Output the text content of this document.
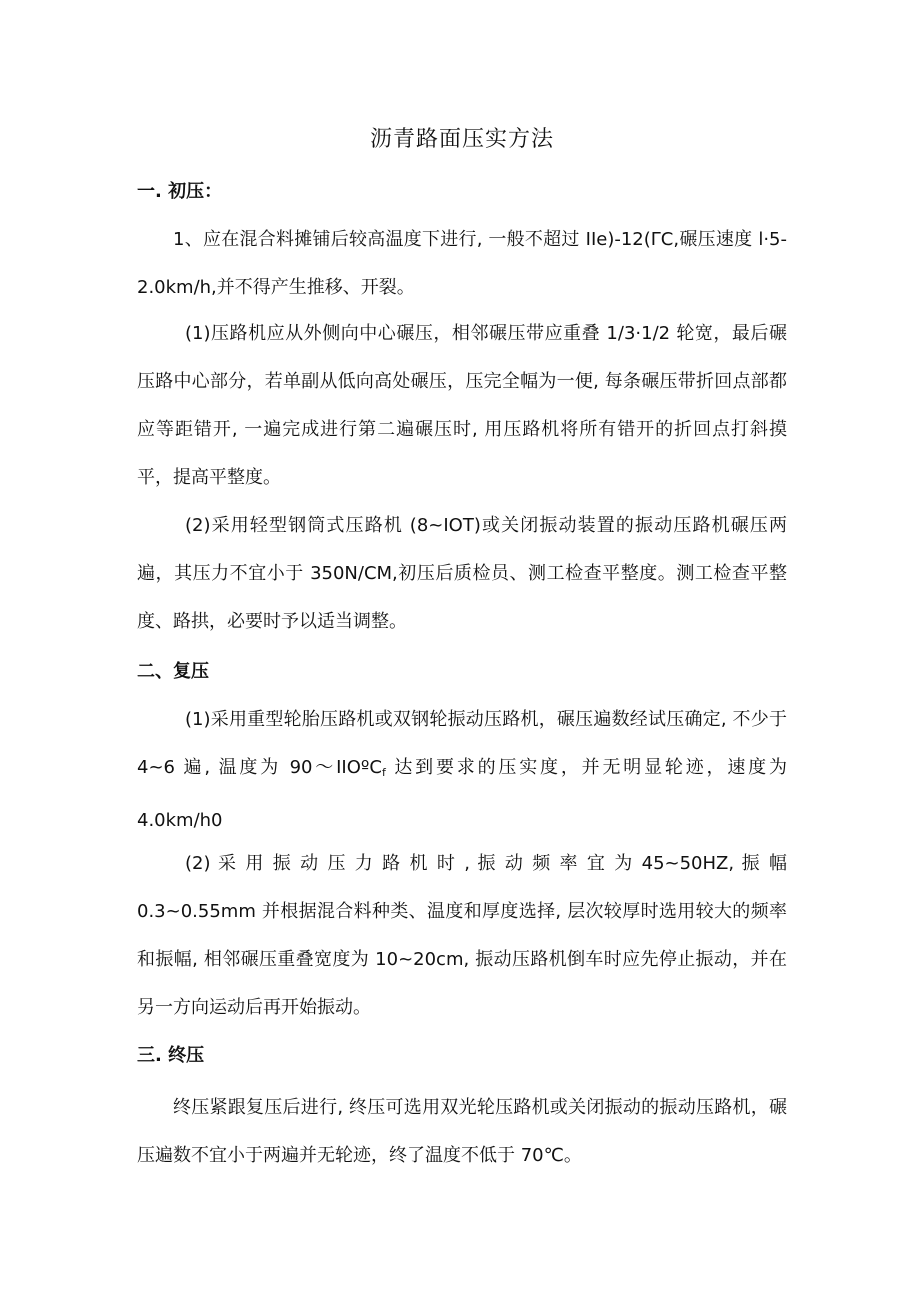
沥青路面压实方法
一. 初压：

1、应在混合料摊铺后较高温度下进行, 一般不超过 IIe)-12(ΓC,碾压速度 l·5-2.0km∕h,并不得产生推移、开裂。

(1)压路机应从外侧向中心碾压，相邻碾压带应重叠 1∕3·1∕2 轮宽，最后碾压路中心部分，若单副从低向高处碾压，压完全幅为一便, 每条碾压带折回点部都应等距错开, 一遍完成进行第二遍碾压时, 用压路机将所有错开的折回点打斜摸平，提高平整度。

(2)采用轻型钢筒式压路机 (8~IOT)或关闭振动装置的振动压路机碾压两遍，其压力不宜小于 350N/CM,初压后质检员、测工检查平整度。测工检查平整度、路拱，必要时予以适当调整。

二、复压

(1)采用重型轮胎压路机或双钢轮振动压路机，碾压遍数经试压确定, 不少于 4~6 遍, 温度为 90～IIOºC$_f$ 达到要求的压实度，并无明显轮迹，速度为 4.0km∕h0

(2) 采 用 振 动 压 力 路 机 时 , 振 动 频 率 宜 为 45~50HZ, 振 幅 0.3~0.55mm 并根据混合料种类、温度和厚度选择, 层次较厚时选用较大的频率和振幅, 相邻碾压重叠宽度为 10~20cm, 振动压路机倒车时应先停止振动，并在另一方向运动后再开始振动。

三. 终压

终压紧跟复压后进行, 终压可选用双光轮压路机或关闭振动的振动压路机，碾压遍数不宜小于两遍并无轮迹，终了温度不低于 70℃。
